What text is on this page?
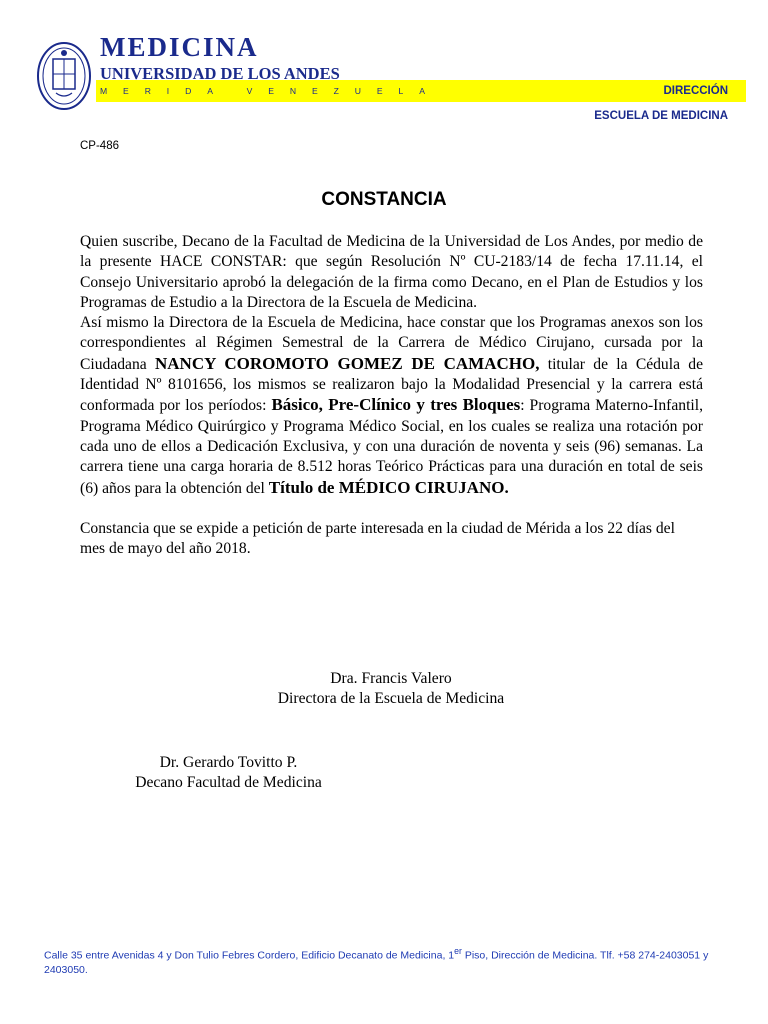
MEDICINA
UNIVERSIDAD DE LOS ANDES
MERIDA VENEZUELA	DIRECCIÓN
ESCUELA DE MEDICINA
CP-486
CONSTANCIA

Quien suscribe, Decano de la Facultad de Medicina de la Universidad de Los Andes, por medio de la presente HACE CONSTAR: que según Resolución Nº CU-2183/14 de fecha 17.11.14, el Consejo Universitario aprobó la delegación de la firma como Decano, en el Plan de Estudios y los Programas de Estudio a la Directora de la Escuela de Medicina.

Así mismo la Directora de la Escuela de Medicina, hace constar que los Programas anexos son los correspondientes al Régimen Semestral de la Carrera de Médico Cirujano, cursada por la Ciudadana NANCY COROMOTO GOMEZ DE CAMACHO, titular de la Cédula de Identidad Nº 8101656, los mismos se realizaron bajo la Modalidad Presencial y la carrera está conformada por los períodos: Básico, Pre-Clínico y tres Bloques: Programa Materno-Infantil, Programa Médico Quirúrgico y Programa Médico Social, en los cuales se realiza una rotación por cada uno de ellos a Dedicación Exclusiva, y con una duración de noventa y seis (96) semanas. La carrera tiene una carga horaria de 8.512 horas Teórico Prácticas para una duración en total de seis (6) años para la obtención del Título de MÉDICO CIRUJANO.

Constancia que se expide a petición de parte interesada en la ciudad de Mérida a los 22 días del mes de mayo del año 2018.

Dra. Francis Valero
Directora de la Escuela de Medicina
Dr. Gerardo Tovitto P.
Decano Facultad de Medicina
Calle 35 entre Avenidas 4 y Don Tulio Febres Cordero, Edificio Decanato de Medicina, 1er Piso, Dirección de Medicina. Tlf. +58 274-2403051 y 2403050.
